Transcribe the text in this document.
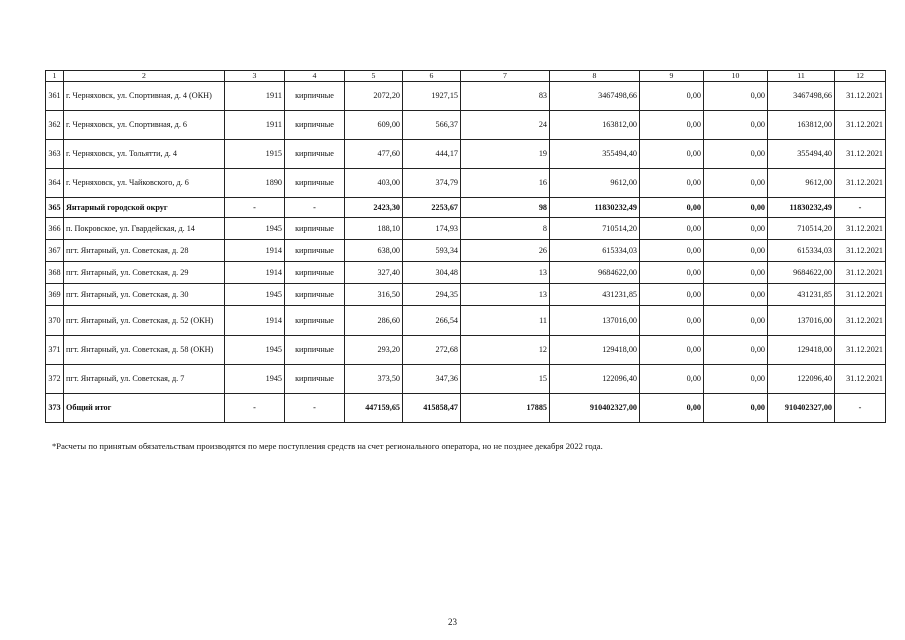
1	2	3	4	5	6	7	8	9	10	11	12
361	г. Черняховск, ул. Спортивная, д. 4 (ОКН)	1911	кирпичные	2072,20	1927,15	83	3467498,66	0,00	0,00	3467498,66	31.12.2021
362	г. Черняховск, ул. Спортивная, д. 6	1911	кирпичные	609,00	566,37	24	163812,00	0,00	0,00	163812,00	31.12.2021
363	г. Черняховск, ул. Тольятти, д. 4	1915	кирпичные	477,60	444,17	19	355494,40	0,00	0,00	355494,40	31.12.2021
364	г. Черняховск, ул. Чайковского, д. 6	1890	кирпичные	403,00	374,79	16	9612,00	0,00	0,00	9612,00	31.12.2021
365	Янтарный городской округ	-	-	2423,30	2253,67	98	11830232,49	0,00	0,00	11830232,49	-
366	п. Покровское, ул. Гвардейская, д. 14	1945	кирпичные	188,10	174,93	8	710514,20	0,00	0,00	710514,20	31.12.2021
367	пгт. Янтарный, ул. Советская, д. 28	1914	кирпичные	638,00	593,34	26	615334,03	0,00	0,00	615334,03	31.12.2021
368	пгт. Янтарный, ул. Советская, д. 29	1914	кирпичные	327,40	304,48	13	9684622,00	0,00	0,00	9684622,00	31.12.2021
369	пгт. Янтарный, ул. Советская, д. 30	1945	кирпичные	316,50	294,35	13	431231,85	0,00	0,00	431231,85	31.12.2021
370	пгт. Янтарный, ул. Советская, д. 52 (ОКН)	1914	кирпичные	286,60	266,54	11	137016,00	0,00	0,00	137016,00	31.12.2021
371	пгт. Янтарный, ул. Советская, д. 58 (ОКН)	1945	кирпичные	293,20	272,68	12	129418,00	0,00	0,00	129418,00	31.12.2021
372	пгт. Янтарный, ул. Советская, д. 7	1945	кирпичные	373,50	347,36	15	122096,40	0,00	0,00	122096,40	31.12.2021
373	Общий итог	-	-	447159,65	415858,47	17885	910402327,00	0,00	0,00	910402327,00	-
*Расчеты по принятым обязательствам производятся по мере поступления средств на счет регионального оператора, но не позднее декабря 2022 года.
23
